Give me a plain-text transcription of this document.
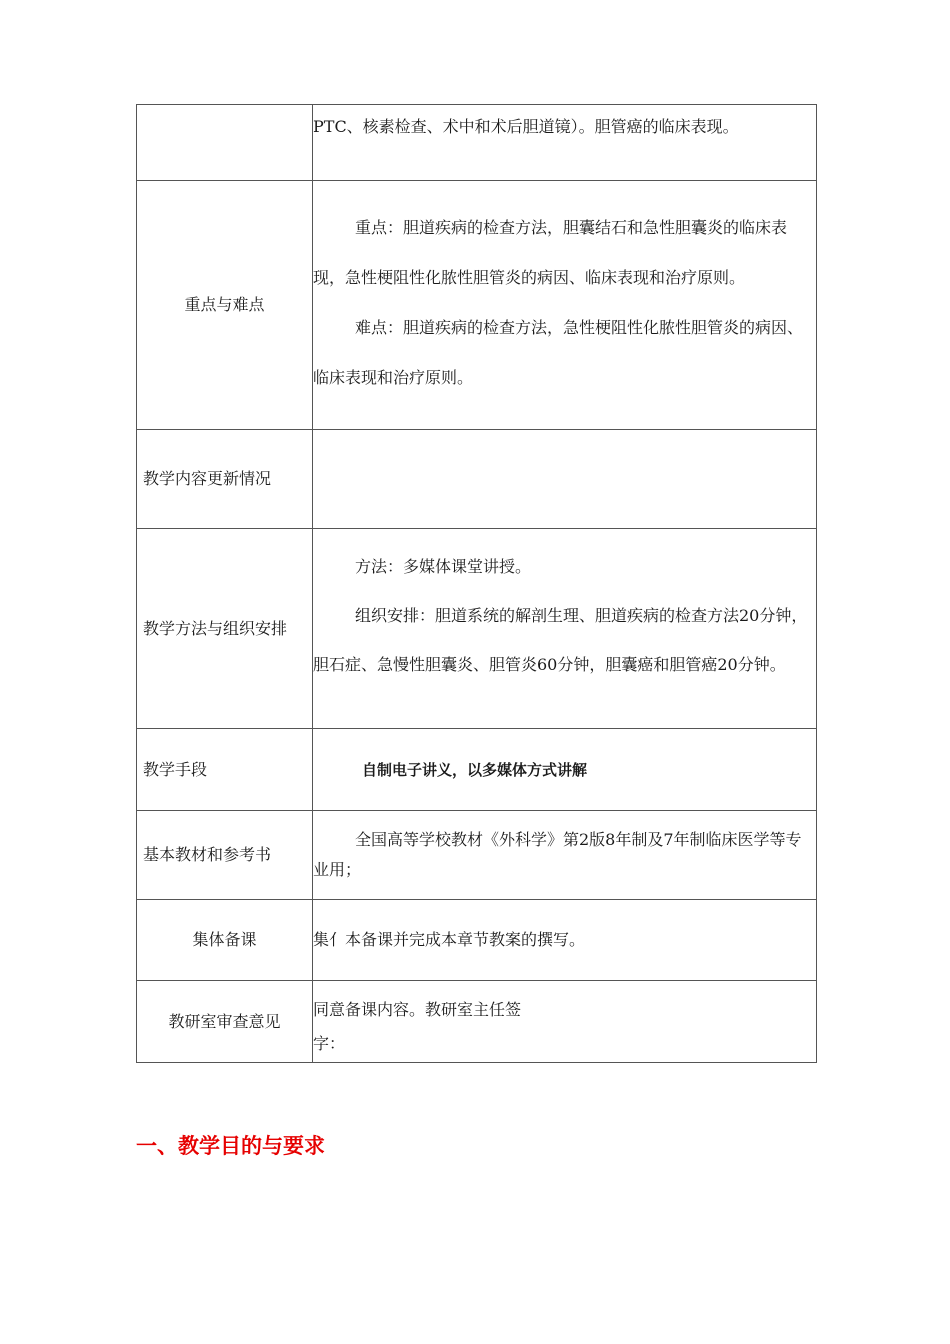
	PTC、核素检查、术中和术后胆道镜）。胆管癌的临床表现。

重点与难点	重点：胆道疾病的检查方法，胆囊结石和急性胆囊炎的临床表现，急性梗阻性化脓性胆管炎的病因、临床表现和治疗原则。

难点：胆道疾病的检查方法，急性梗阻性化脓性胆管炎的病因、临床表现和治疗原则。

教学内容更新情况	
教学方法与组织安排	方法：多媒体课堂讲授。

组织安排：胆道系统的解剖生理、胆道疾病的检查方法20分钟，胆石症、急慢性胆囊炎、胆管炎60分钟，胆囊癌和胆管癌20分钟。

教学手段	自制电子讲义，以多媒体方式讲解

基本教材和参考书	全国高等学校教材《外科学》第2版8年制及7年制临床医学等专业用；

集体备课	集亻本备课并完成本章节教案的撰写。

教研室审查意见	同意备课内容。教研室主任签

字：

一、教学目的与要求
